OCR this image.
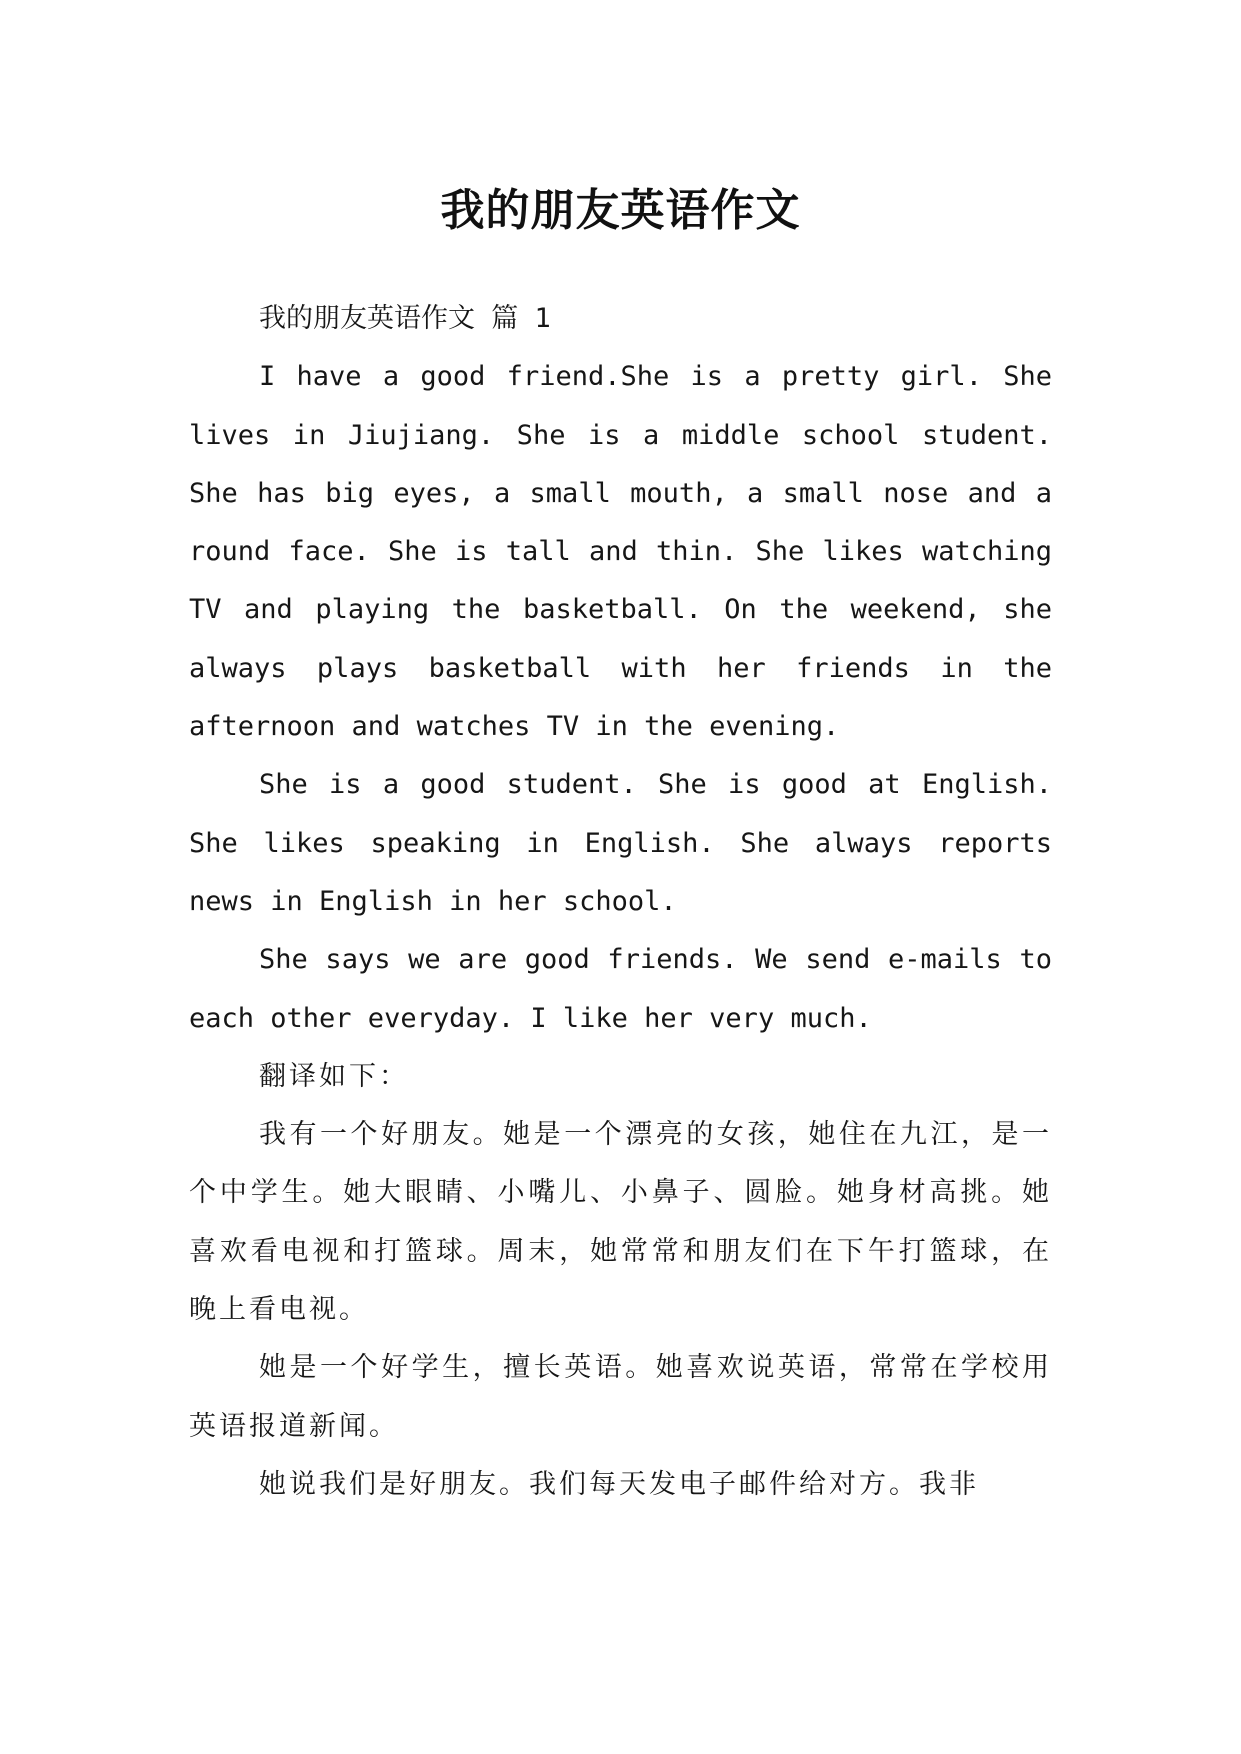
我的朋友英语作文

我的朋友英语作文 篇 1

I have a good friend.She is a pretty girl. She lives in Jiujiang. She is a middle school student. She has big eyes, a small mouth, a small nose and a round face. She is tall and thin. She likes watching TV and playing the basketball. On the weekend, she always plays basketball with her friends in the afternoon and watches TV in the evening.

She is a good student. She is good at English. She likes speaking in English. She always reports news in English in her school.

She says we are good friends. We send e-mails to each other everyday. I like her very much.

翻译如下：

我有一个好朋友。她是一个漂亮的女孩，她住在九江，是一个中学生。她大眼睛、小嘴儿、小鼻子、圆脸。她身材高挑。她喜欢看电视和打篮球。周末，她常常和朋友们在下午打篮球，在晚上看电视。

她是一个好学生，擅长英语。她喜欢说英语，常常在学校用英语报道新闻。

她说我们是好朋友。我们每天发电子邮件给对方。我非
